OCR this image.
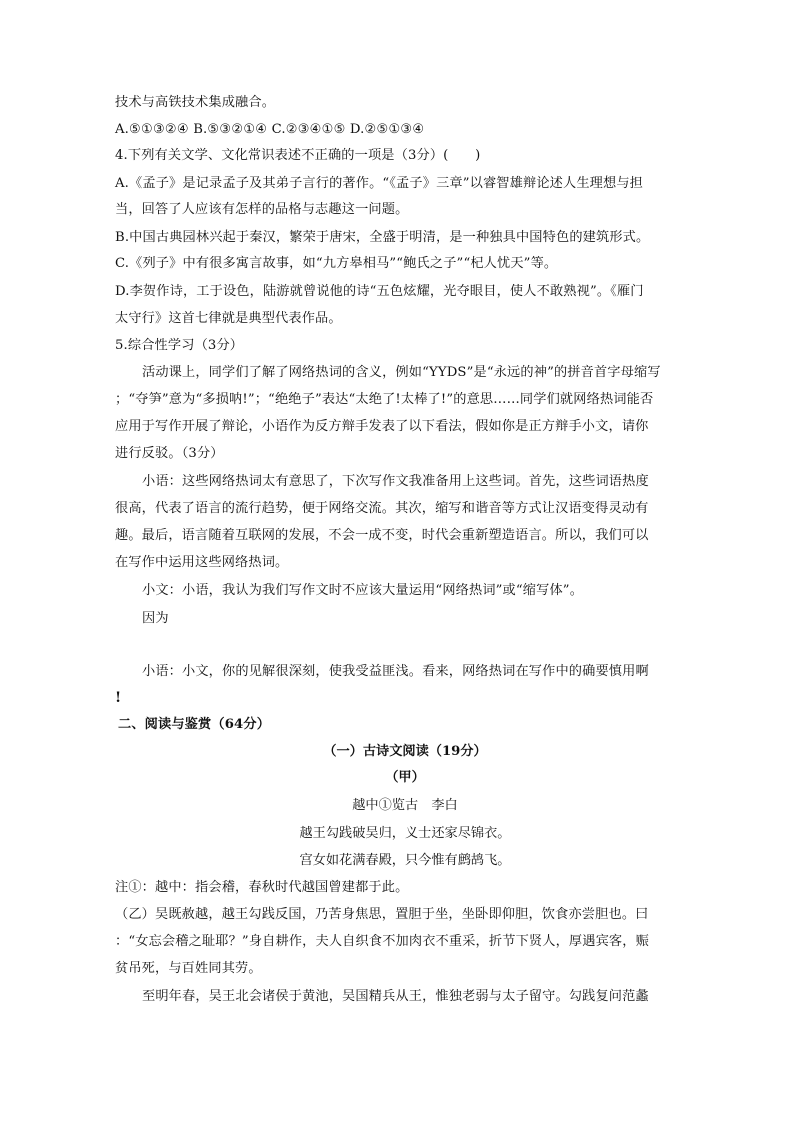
技术与高铁技术集成融合。
A.⑤①③②④ B.⑤③②①④ C.②③④①⑤ D.②⑤①③④
4.下列有关文学、文化常识表述不正确的一项是（3分）(　　)
A.《孟子》是记录孟子及其弟子言行的著作。“《孟子》三章”以睿智雄辩论述人生理想与担
当，回答了人应该有怎样的品格与志趣这一问题。
B.中国古典园林兴起于秦汉，繁荣于唐宋，全盛于明清，是一种独具中国特色的建筑形式。
C.《列子》中有很多寓言故事，如“九方皋相马”“鲍氏之子”“杞人忧天”等。
D.李贺作诗，工于设色，陆游就曾说他的诗“五色炫耀，光夺眼目，使人不敢熟视”。《雁门
太守行》这首七律就是典型代表作品。
5.综合性学习（3分）
活动课上，同学们了解了网络热词的含义，例如“YYDS”是“永远的神”的拼音首字母缩写
；“夺笋”意为“多损呐!”；“绝绝子”表达“太绝了!太棒了!”的意思……同学们就网络热词能否
应用于写作开展了辩论，小语作为反方辩手发表了以下看法，假如你是正方辩手小文，请你
进行反驳。（3分）
小语：这些网络热词太有意思了，下次写作文我准备用上这些词。首先，这些词语热度
很高，代表了语言的流行趋势，便于网络交流。其次，缩写和谐音等方式让汉语变得灵动有
趣。最后，语言随着互联网的发展，不会一成不变，时代会重新塑造语言。所以，我们可以
在写作中运用这些网络热词。
小文：小语，我认为我们写作文时不应该大量运用“网络热词”或“缩写体”。
因为
小语：小文，你的见解很深刻，使我受益匪浅。看来，网络热词在写作中的确要慎用啊
!
二、阅读与鉴赏（64分）
（一）古诗文阅读（19分）
（甲）
越中①览古　李白
越王勾践破吴归，义士还家尽锦衣。
宫女如花满春殿，只今惟有鹧鸪飞。
注①：越中：指会稽，春秋时代越国曾建都于此。
（乙）吴既赦越，越王勾践反国，乃苦身焦思，置胆于坐，坐卧即仰胆，饮食亦尝胆也。曰
：“女忘会稽之耻耶？”身自耕作，夫人自织食不加肉衣不重采，折节下贤人，厚遇宾客，赈
贫吊死，与百姓同其劳。
至明年春，吴王北会诸侯于黄池，吴国精兵从王，惟独老弱与太子留守。勾践复问范蠡
